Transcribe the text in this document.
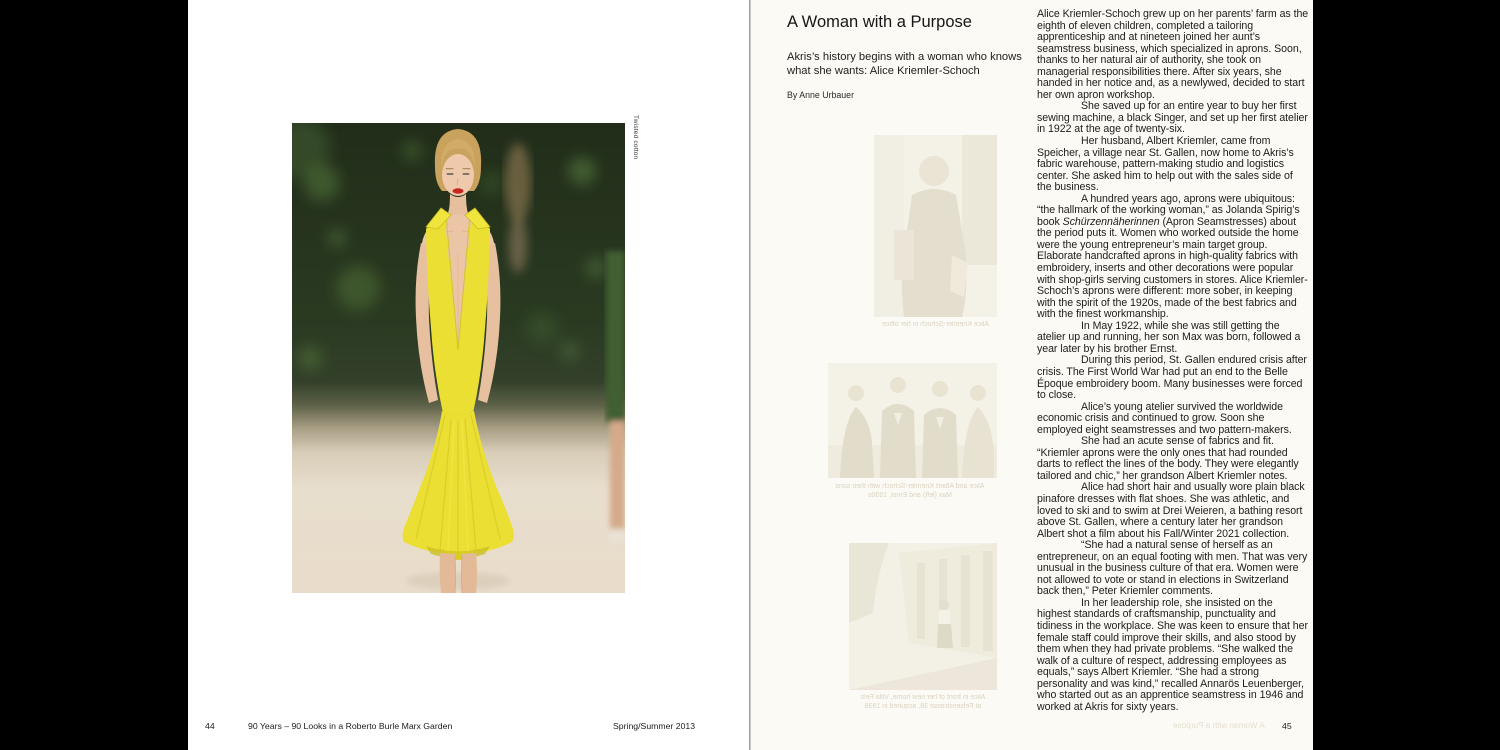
Twisted cotton
44	90 Years – 90 Looks in a Roberto Burle Marx Garden	Spring/Summer 2013
A Woman with a Purpose
Akris’s history begins with a woman who knows what she wants: Alice Kriemler-Schoch
By Anne Urbauer
Alice Kriemler-Schoch in her office
Alice and Albert Kriemler-Schoch with their sons
Max (left) and Ernst, 1930s
Alice in front of her new home, Villa Fels
at Felsenstrasse 38, acquired in 1939

Alice Kriemler-Schoch grew up on her parents’ farm as the eighth of eleven children, completed a tailoring apprenticeship and at nineteen joined her aunt’s seamstress business, which specialized in aprons. Soon, thanks to her natural air of authority, she took on managerial responsibilities there. After six years, she handed in her notice and, as a newlywed, decided to start her own apron workshop.

She saved up for an entire year to buy her first sewing machine, a black Singer, and set up her first atelier in 1922 at the age of twenty-six.

Her husband, Albert Kriemler, came from Speicher, a village near St. Gallen, now home to Akris’s fabric warehouse, pattern-making studio and logistics center. She asked him to help out with the sales side of the business.

A hundred years ago, aprons were ubiquitous: “the hallmark of the working woman,” as Jolanda Spirig’s book Schürzennäherinnen (Apron Seamstresses) about the period puts it. Women who worked outside the home were the young entrepreneur’s main target group. Elaborate handcrafted aprons in high-quality fabrics with embroidery, inserts and other decorations were popular with shop-girls serving customers in stores. Alice Kriemler-Schoch’s aprons were different: more sober, in keeping with the spirit of the 1920s, made of the best fabrics and with the finest workmanship.

In May 1922, while she was still getting the atelier up and running, her son Max was born, followed a year later by his brother Ernst.

During this period, St. Gallen endured crisis after crisis. The First World War had put an end to the Belle Époque embroidery boom. Many businesses were forced to close.

Alice’s young atelier survived the worldwide economic crisis and continued to grow. Soon she employed eight seamstresses and two pattern-makers.

She had an acute sense of fabrics and fit. “Kriemler aprons were the only ones that had rounded darts to reflect the lines of the body. They were elegantly tailored and chic,” her grandson Albert Kriemler notes.

Alice had short hair and usually wore plain black pinafore dresses with flat shoes. She was athletic, and loved to ski and to swim at Drei Weieren, a bathing resort above St. Gallen, where a century later her grandson Albert shot a film about his Fall/Winter 2021 collection.

“She had a natural sense of herself as an entrepreneur, on an equal footing with men. That was very unusual in the business culture of that era. Women were not allowed to vote or stand in elections in Switzerland back then,” Peter Kriemler comments.

In her leadership role, she insisted on the highest standards of craftsmanship, punctuality and tidiness in the workplace. She was keen to ensure that her female staff could improve their skills, and also stood by them when they had private problems. “She walked the walk of a culture of respect, addressing employees as equals,” says Albert Kriemler. “She had a strong personality and was kind,” recalled Annarös Leuenberger, who started out as an apprentice seamstress in 1946 and worked at Akris for sixty years.

A Woman with a Purpose 45
